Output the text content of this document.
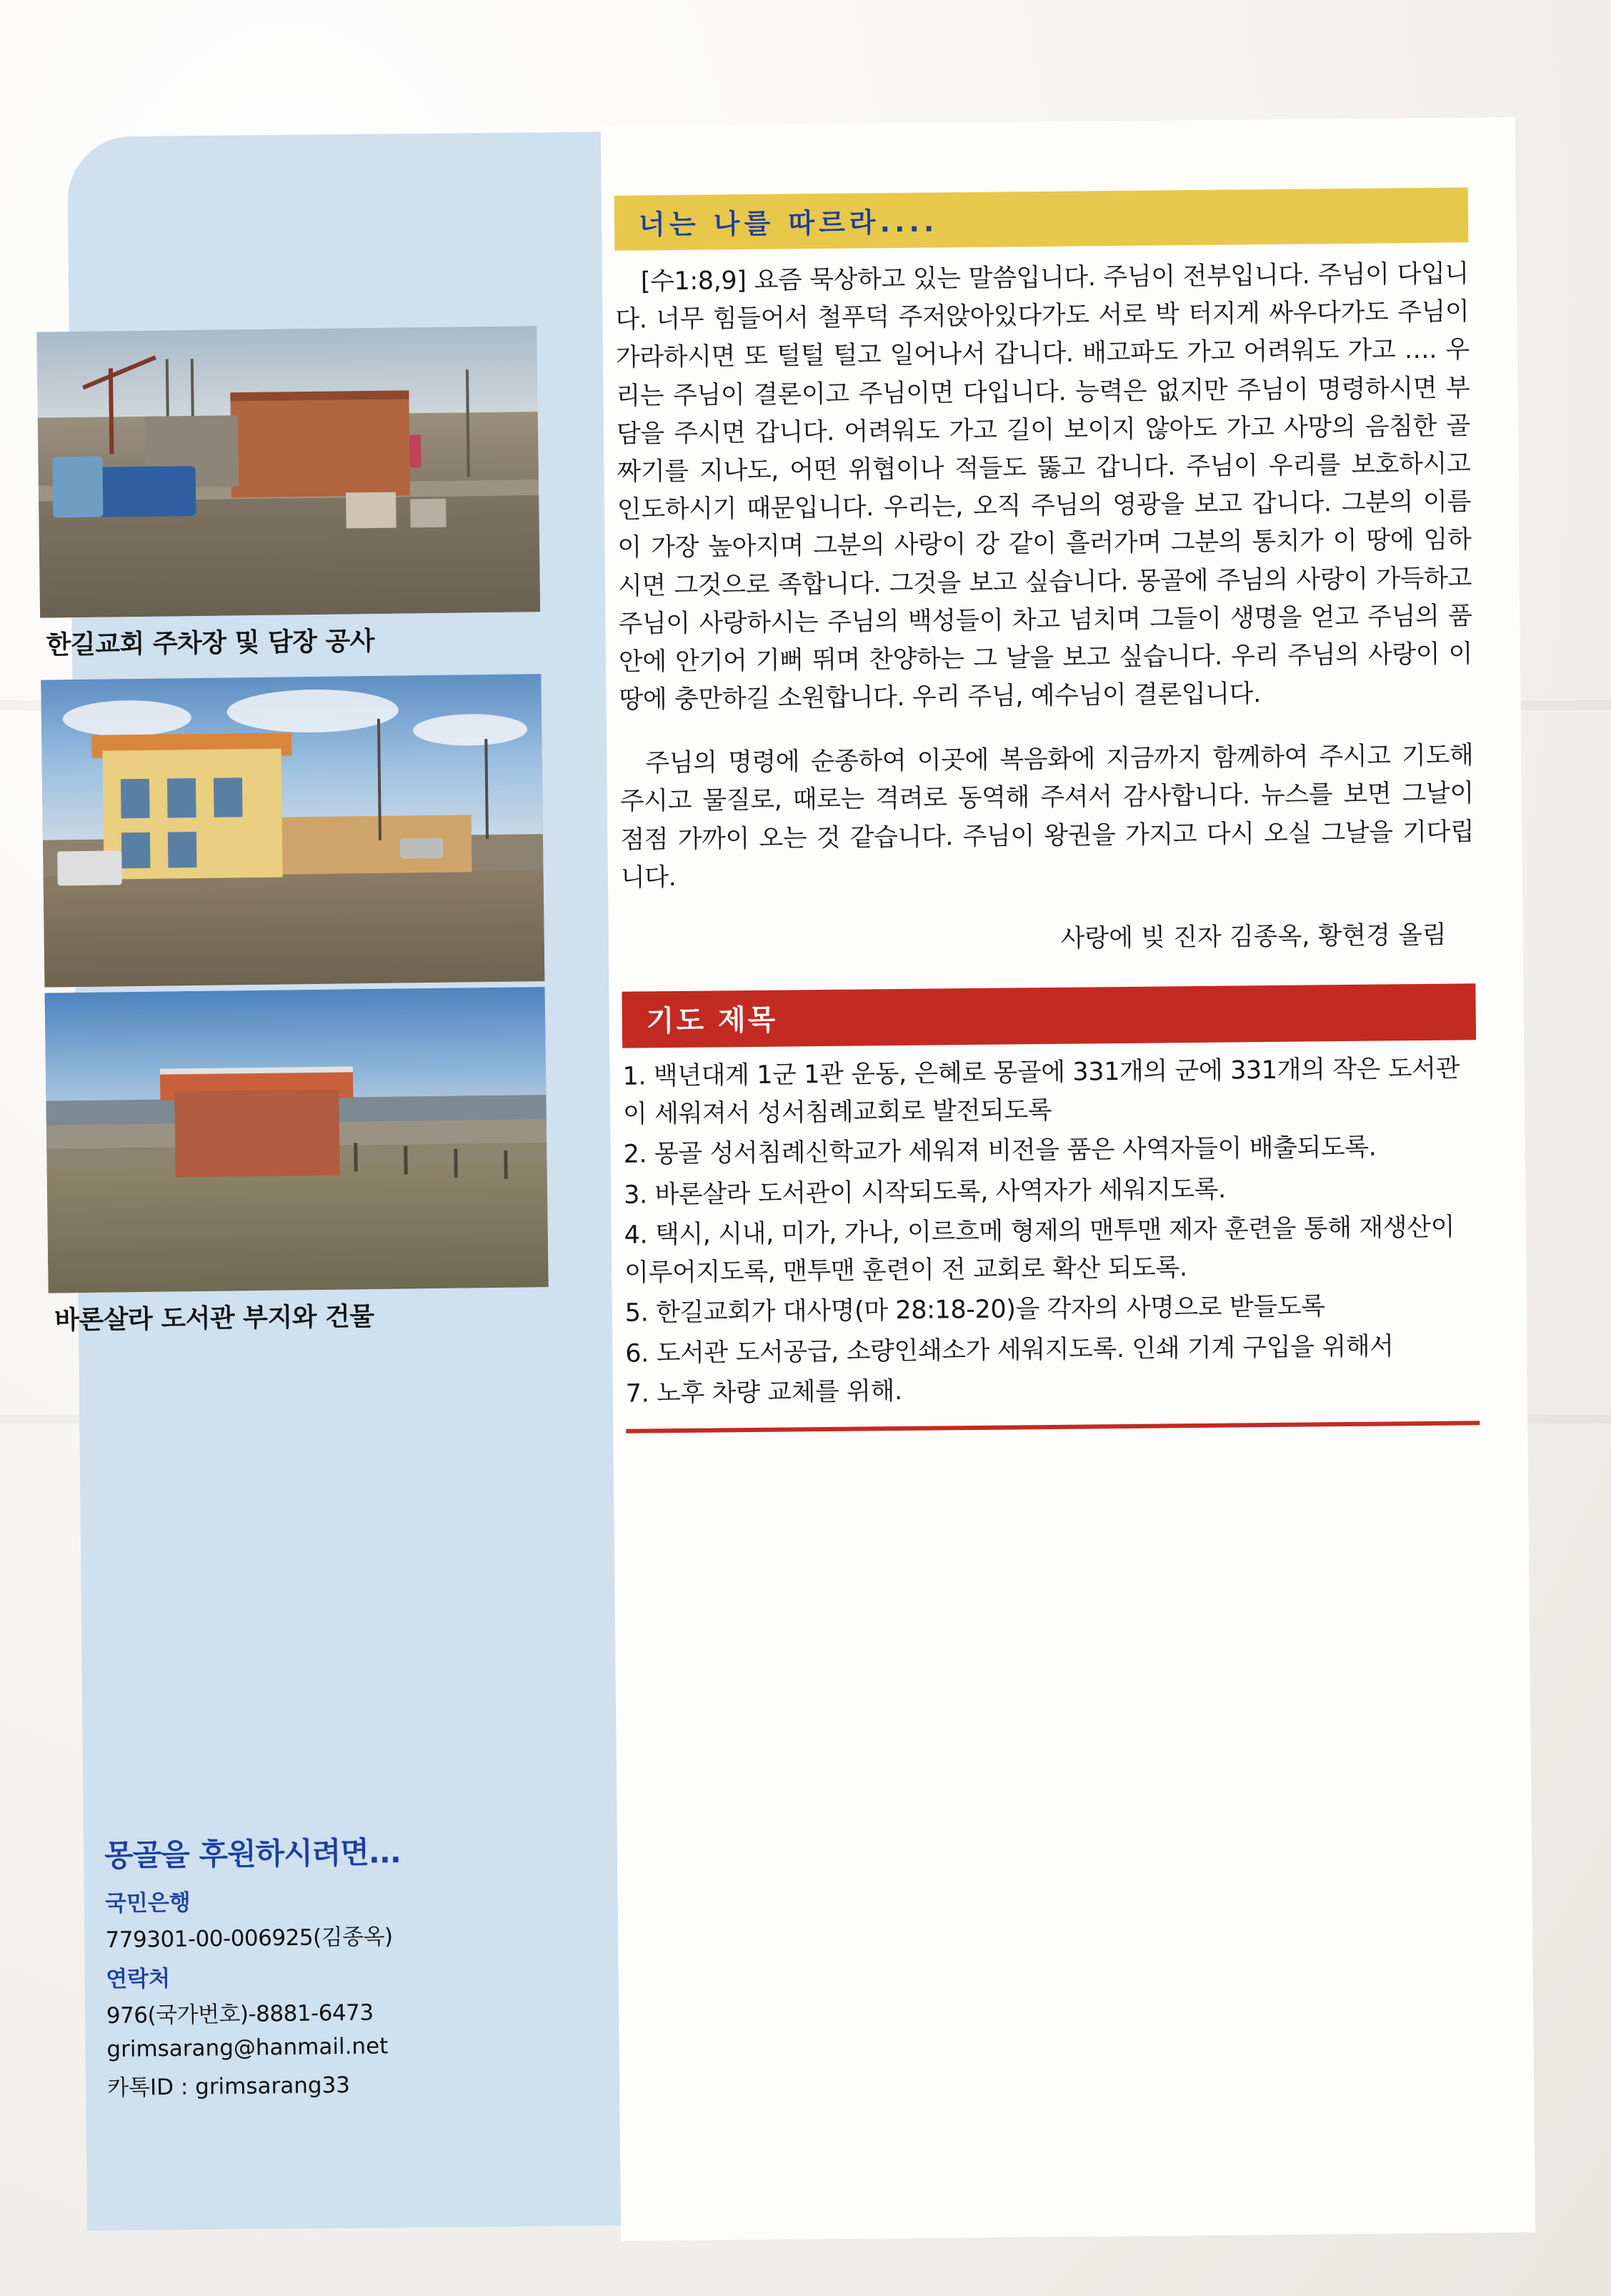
한길교회 주차장 및 담장 공사
바론살라 도서관 부지와 건물
몽골을 후원하시려면...
국민은행
779301-00-006925(김종옥)
연락처
976(국가번호)-8881-6473
grimsarang@hanmail.net
카톡ID : grimsarang33
너는 나를 따르라....

[수1:8,9] 요즘 묵상하고 있는 말씀입니다. 주님이 전부입니다. 주님이 다입니다. 너무 힘들어서 철푸덕 주저앉아있다가도 서로 박 터지게 싸우다가도 주님이 가라하시면 또 털털 털고 일어나서 갑니다. 배고파도 가고 어려워도 가고 …. 우리는 주님이 결론이고 주님이면 다입니다. 능력은 없지만 주님이 명령하시면 부담을 주시면 갑니다. 어려워도 가고 길이 보이지 않아도 가고 사망의 음침한 골짜기를 지나도, 어떤 위협이나 적들도 뚫고 갑니다. 주님이 우리를 보호하시고 인도하시기 때문입니다. 우리는, 오직 주님의 영광을 보고 갑니다. 그분의 이름이 가장 높아지며 그분의 사랑이 강 같이 흘러가며 그분의 통치가 이 땅에 임하시면 그것으로 족합니다. 그것을 보고 싶습니다. 몽골에 주님의 사랑이 가득하고 주님이 사랑하시는 주님의 백성들이 차고 넘치며 그들이 생명을 얻고 주님의 품 안에 안기어 기뻐 뛰며 찬양하는 그 날을 보고 싶습니다. 우리 주님의 사랑이 이 땅에 충만하길 소원합니다. 우리 주님, 예수님이 결론입니다.

주님의 명령에 순종하여 이곳에 복음화에 지금까지 함께하여 주시고 기도해 주시고 물질로, 때로는 격려로 동역해 주셔서 감사합니다. 뉴스를 보면 그날이 점점 가까이 오는 것 같습니다. 주님이 왕권을 가지고 다시 오실 그날을 기다립니다.

사랑에 빚 진자 김종옥, 황현경 올림
기도 제목
1. 백년대계 1군 1관 운동, 은혜로 몽골에 331개의 군에 331개의 작은 도서관이 세워져서 성서침례교회로 발전되도록
2. 몽골 성서침례신학교가 세워져 비전을 품은 사역자들이 배출되도록.
3. 바론살라 도서관이 시작되도록, 사역자가 세워지도록.
4. 택시, 시내, 미가, 가나, 이르흐메 형제의 맨투맨 제자 훈련을 통해 재생산이 이루어지도록, 맨투맨 훈련이 전 교회로 확산 되도록.
5. 한길교회가 대사명(마 28:18-20)을 각자의 사명으로 받들도록
6. 도서관 도서공급, 소량인쇄소가 세워지도록. 인쇄 기계 구입을 위해서
7. 노후 차량 교체를 위해.
